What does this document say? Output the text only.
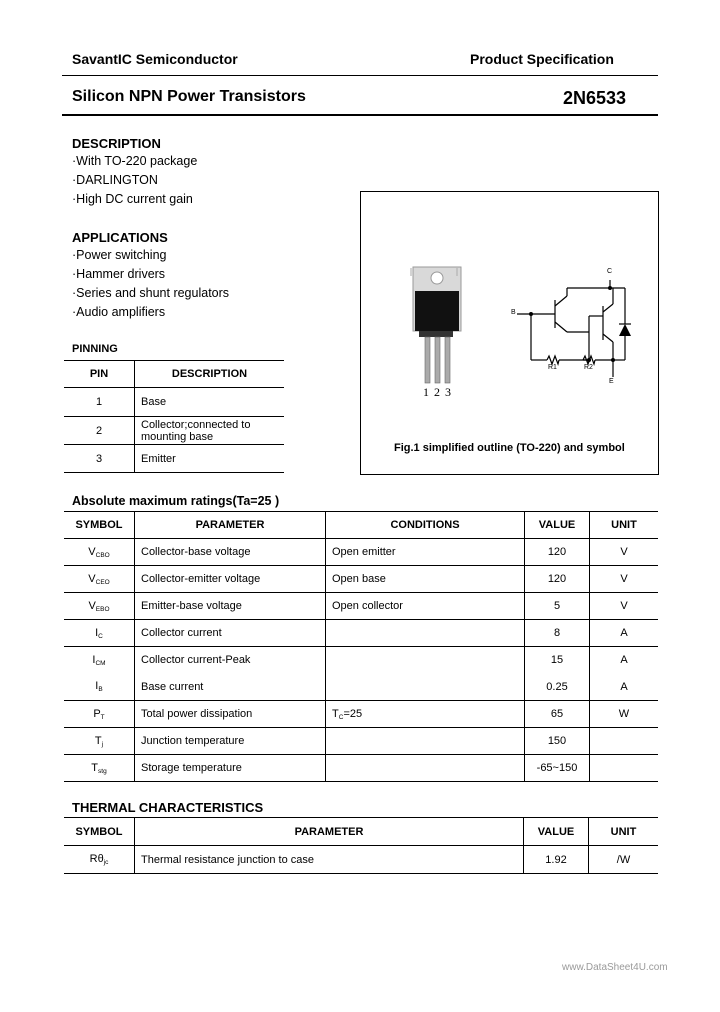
SavantIC Semiconductor	Product Specification
Silicon NPN Power Transistors	2N6533
DESCRIPTION
·With TO-220 package
·DARLINGTON
·High DC current gain
APPLICATIONS
·Power switching
·Hammer drivers
·Series and shunt regulators
·Audio amplifiers
PINNING
PIN	DESCRIPTION
1	Base
2	Collector;connected to
mounting base
3	Emitter
C
B
E
R1	R2
1 2 3
Fig.1 simplified outline (TO-220) and symbol
Absolute maximum ratings(Ta=25 )
SYMBOL	PARAMETER	CONDITIONS	VALUE	UNIT
$V_{CBO}$	Collector-base voltage	Open emitter	120	V
$V_{CEO}$	Collector-emitter voltage	Open base	120	V
$V_{EBO}$	Emitter-base voltage	Open collector	5	V
$I_C$	Collector current		8	A
$I_{CM}$	Collector current-Peak		15	A
$I_B$	Base current		0.25	A
$P_T$	Total power dissipation	$T_C=25$	65	W
$T_j$	Junction temperature		150	
$T_{stg}$	Storage temperature		-65~150	
THERMAL CHARACTERISTICS
SYMBOL	PARAMETER	VALUE	UNIT
$R\theta_{jc}$	Thermal resistance junction to case	1.92	/W
www.DataSheet4U.com
